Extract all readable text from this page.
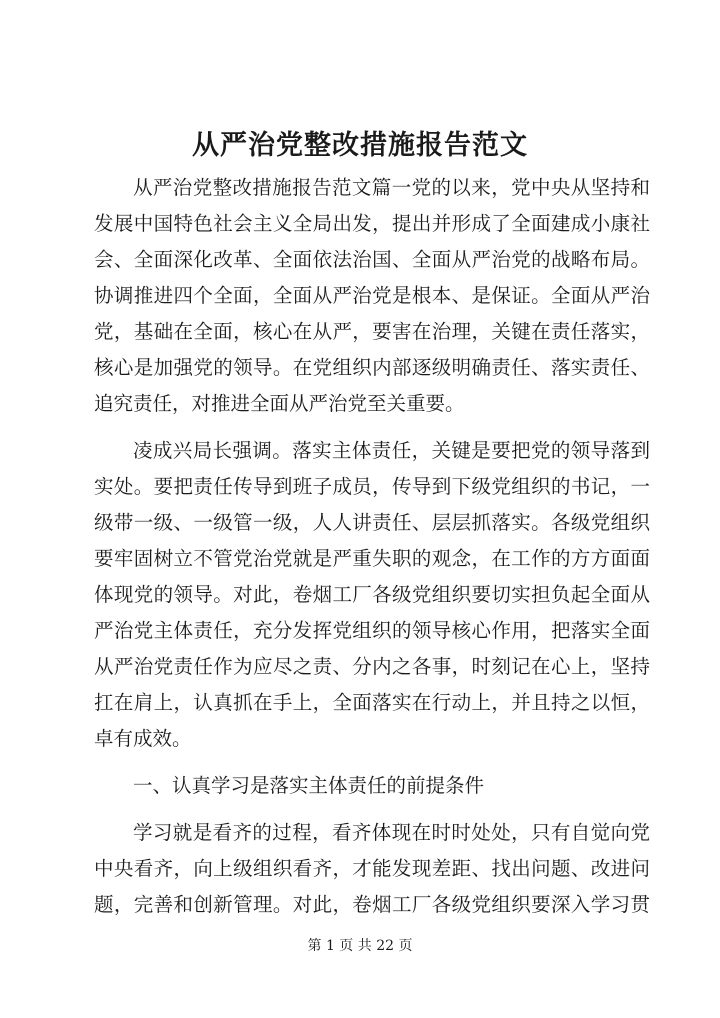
从严治党整改措施报告范文
从严治党整改措施报告范文篇一党的以来，党中央从坚持和
发展中国特色社会主义全局出发，提出并形成了全面建成小康社
会、全面深化改革、全面依法治国、全面从严治党的战略布局。
协调推进四个全面，全面从严治党是根本、是保证。全面从严治
党，基础在全面，核心在从严，要害在治理，关键在责任落实，
核心是加强党的领导。在党组织内部逐级明确责任、落实责任、
追究责任，对推进全面从严治党至关重要。
凌成兴局长强调。落实主体责任，关键是要把党的领导落到
实处。要把责任传导到班子成员，传导到下级党组织的书记，一
级带一级、一级管一级，人人讲责任、层层抓落实。各级党组织
要牢固树立不管党治党就是严重失职的观念，在工作的方方面面
体现党的领导。对此，卷烟工厂各级党组织要切实担负起全面从
严治党主体责任，充分发挥党组织的领导核心作用，把落实全面
从严治党责任作为应尽之责、分内之各事，时刻记在心上，坚持
扛在肩上，认真抓在手上，全面落实在行动上，并且持之以恒，
卓有成效。
一、认真学习是落实主体责任的前提条件
学习就是看齐的过程，看齐体现在时时处处，只有自觉向党
中央看齐，向上级组织看齐，才能发现差距、找出问题、改进问
题，完善和创新管理。对此，卷烟工厂各级党组织要深入学习贯
第 1 页 共 22 页
